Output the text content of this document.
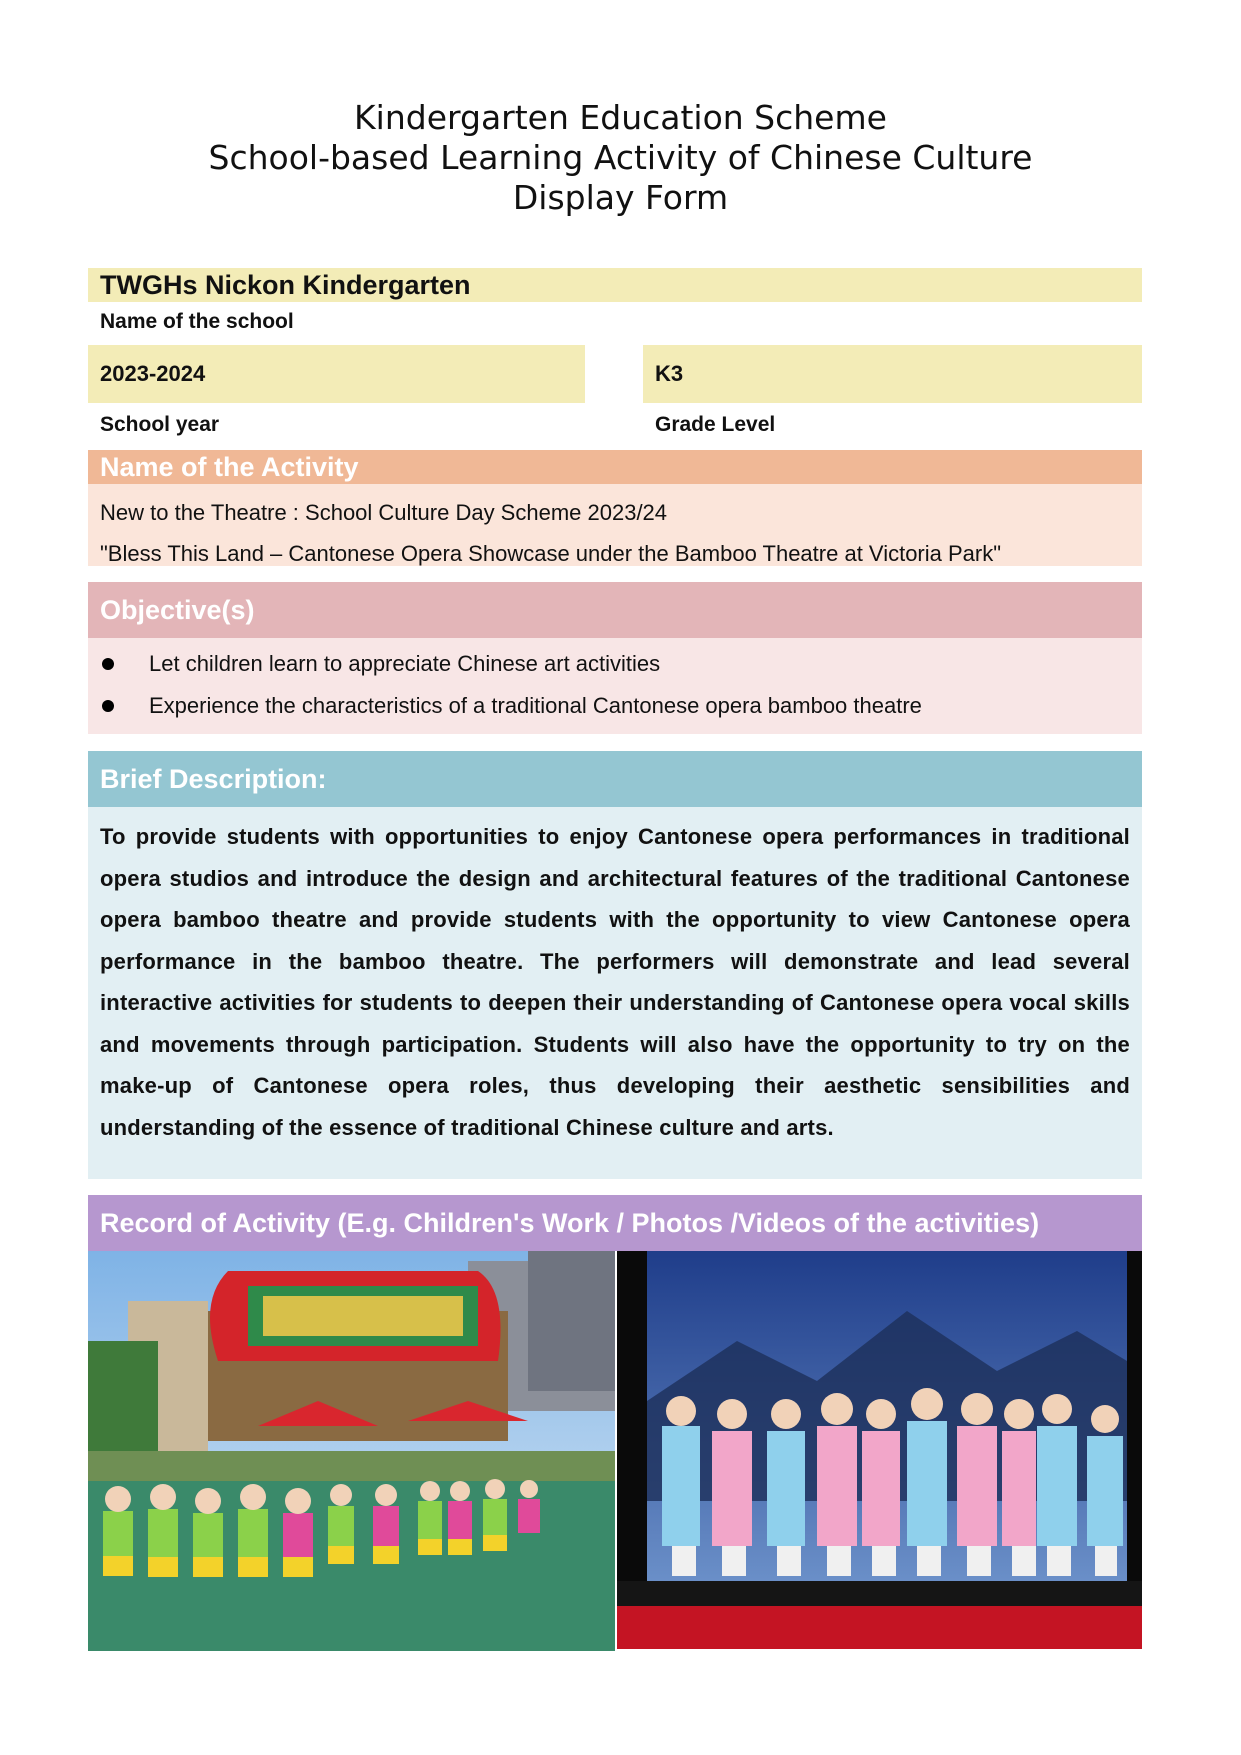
Kindergarten Education Scheme
School-based Learning Activity of Chinese Culture
Display Form
TWGHs Nickon Kindergarten
Name of the school
2023-2024
School year
K3
Grade Level
Name of the Activity
New to the Theatre : School Culture Day Scheme 2023/24
"Bless This Land – Cantonese Opera Showcase under the Bamboo Theatre at Victoria Park"
Objective(s)
Let children learn to appreciate Chinese art activities
Experience the characteristics of a traditional Cantonese opera bamboo theatre
Brief Description:
To provide students with opportunities to enjoy Cantonese opera performances in traditional opera studios and introduce the design and architectural features of the traditional Cantonese opera bamboo theatre and provide students with the opportunity to view Cantonese opera performance in the bamboo theatre. The performers will demonstrate and lead several interactive activities for students to deepen their understanding of Cantonese opera vocal skills and movements through participation. Students will also have the opportunity to try on the make-up of Cantonese opera roles, thus developing their aesthetic sensibilities and understanding of the essence of traditional Chinese culture and arts.
Record of Activity (E.g. Children's Work / Photos /Videos of the activities)
